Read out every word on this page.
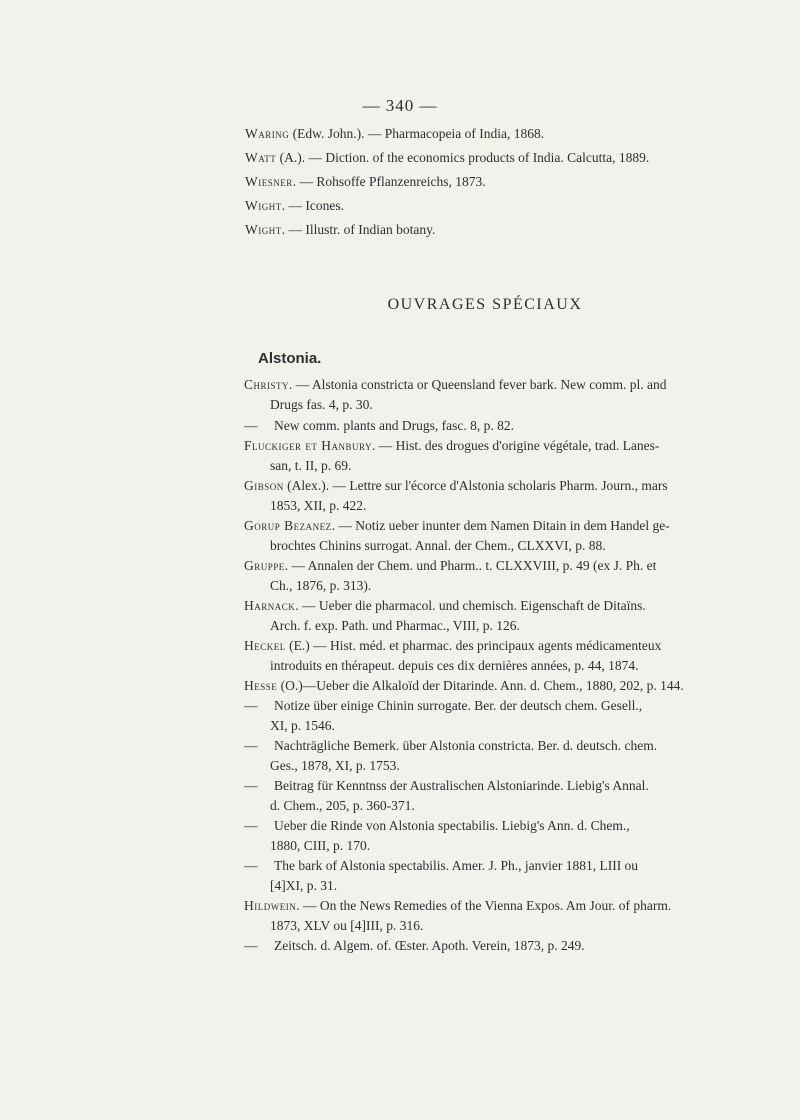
— 340 —
Waring (Edw. John.). — Pharmacopeia of India, 1868.
Watt (A.). — Diction. of the economics products of India. Calcutta, 1889.
Wiesner. — Rohsoffe Pflanzenreichs, 1873.
Wight. — Icones.
Wight. — Illustr. of Indian botany.
OUVRAGES SPÉCIAUX
Alstonia.
Christy. — Alstonia constricta or Queensland fever bark. New comm. pl. and
Drugs fas. 4, p. 30.
— New comm. plants and Drugs, fasc. 8, p. 82.
Fluckiger et Hanbury. — Hist. des drogues d'origine végétale, trad. Lanes-
san, t. II, p. 69.
Gibson (Alex.). — Lettre sur l'écorce d'Alstonia scholaris Pharm. Journ., mars
1853, XII, p. 422.
Gorup Bezanez. — Notiz ueber inunter dem Namen Ditain in dem Handel ge-
brochtes Chinins surrogat. Annal. der Chem., CLXXVI, p. 88.
Gruppe. — Annalen der Chem. und Pharm.. t. CLXXVIII, p. 49 (ex J. Ph. et
Ch., 1876, p. 313).
Harnack. — Ueber die pharmacol. und chemisch. Eigenschaft de Ditaïns.
Arch. f. exp. Path. und Pharmac., VIII, p. 126.
Heckel (E.) — Hist. méd. et pharmac. des principaux agents médicamenteux
introduits en thérapeut. depuis ces dix dernières années, p. 44, 1874.
Hesse (O.)—Ueber die Alkaloïd der Ditarinde. Ann. d. Chem., 1880, 202, p. 144.
— Notize über einige Chinin surrogate. Ber. der deutsch chem. Gesell.,
XI, p. 1546.
— Nachträgliche Bemerk. über Alstonia constricta. Ber. d. deutsch. chem.
Ges., 1878, XI, p. 1753.
— Beitrag für Kenntnss der Australischen Alstoniarinde. Liebig's Annal.
d. Chem., 205, p. 360-371.
— Ueber die Rinde von Alstonia spectabilis. Liebig's Ann. d. Chem.,
1880, CIII, p. 170.
— The bark of Alstonia spectabilis. Amer. J. Ph., janvier 1881, LIII ou
[4]XI, p. 31.
Hildwein. — On the News Remedies of the Vienna Expos. Am Jour. of pharm.
1873, XLV ou [4]III, p. 316.
— Zeitsch. d. Algem. of. Œster. Apoth. Verein, 1873, p. 249.
